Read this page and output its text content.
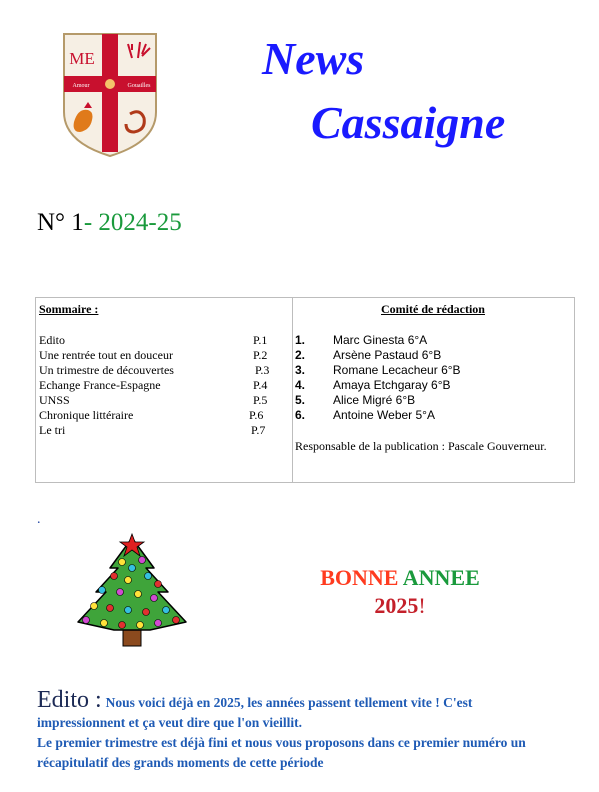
ME
Amour	Gouailles
News
Cassaigne
N° 1- 2024-25
Sommaire :
Edito	P.1
Une rentrée tout en douceur	P.2
Un trimestre de découvertes	P.3
Echange France-Espagne	P.4
UNSS	P.5
Chronique littéraire	P.6
Le tri	P.7
Comité de rédaction
1. Marc Ginesta 6°A
2. Arsène Pastaud 6°B
3. Romane Lecacheur 6°B
4. Amaya Etchgaray 6°B
5. Alice Migré 6°B
6. Antoine Weber 5°A
Responsable de la publication : Pascale Gouverneur.
.
BONNE ANNEE
2025!
Edito : Nous voici déjà en 2025, les années passent tellement vite ! C'est impressionnent et ça veut dire que l'on vieillit.
Le premier trimestre est déjà fini et nous vous proposons dans ce premier numéro un récapitulatif des grands moments de cette période
